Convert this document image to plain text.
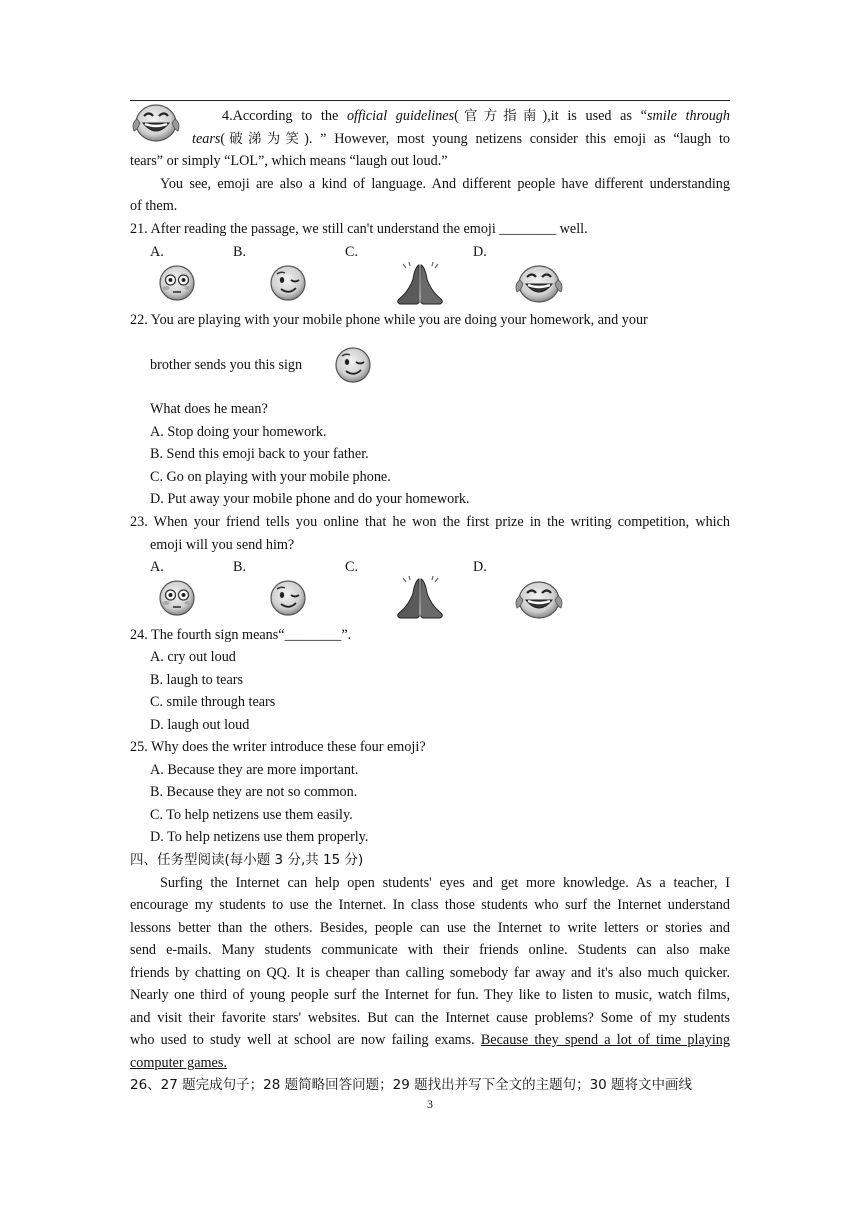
4.According to the official guidelines(官方指南),it is used as “smile through
tears(破涕为笑). ” However, most young netizens consider this emoji as “laugh to
tears” or simply “LOL”, which means “laugh out loud.”
You see, emoji are also a kind of language. And different people have different understanding
of them.
21. After reading the passage, we still can't understand the emoji ________ well.
A.	B.	C.	D.
22. You are playing with your mobile phone while you are doing your homework, and your
brother sends you this sign
What does he mean?
A. Stop doing your homework.
B. Send this emoji back to your father.
C. Go on playing with your mobile phone.
D. Put away your mobile phone and do your homework.
23. When your friend tells you online that he won the first prize in the writing competition, which
emoji will you send him?
A.	B.	C.	D.
24. The fourth sign means“________”.
A. cry out loud
B. laugh to tears
C. smile through tears
D. laugh out loud
25. Why does the writer introduce these four emoji?
A. Because they are more important.
B. Because they are not so common.
C. To help netizens use them easily.
D. To help netizens use them properly.
四、任务型阅读(每小题 3 分,共 15 分)
Surfing the Internet can help open students' eyes and get more knowledge. As a teacher, I
encourage my students to use the Internet. In class those students who surf the Internet understand
lessons better than the others. Besides, people can use the Internet to write letters or stories and
send e-mails. Many students communicate with their friends online. Students can also make
friends by chatting on QQ. It is cheaper than calling somebody far away and it's also much quicker.
Nearly one third of young people surf the Internet for fun. They like to listen to music, watch films,
and visit their favorite stars' websites. But can the Internet cause problems? Some of my students
who used to study well at school are now failing exams. Because they spend a lot of time playing
computer games.
26、27 题完成句子；28 题简略回答问题；29 题找出并写下全文的主题句；30 题将文中画线
3
